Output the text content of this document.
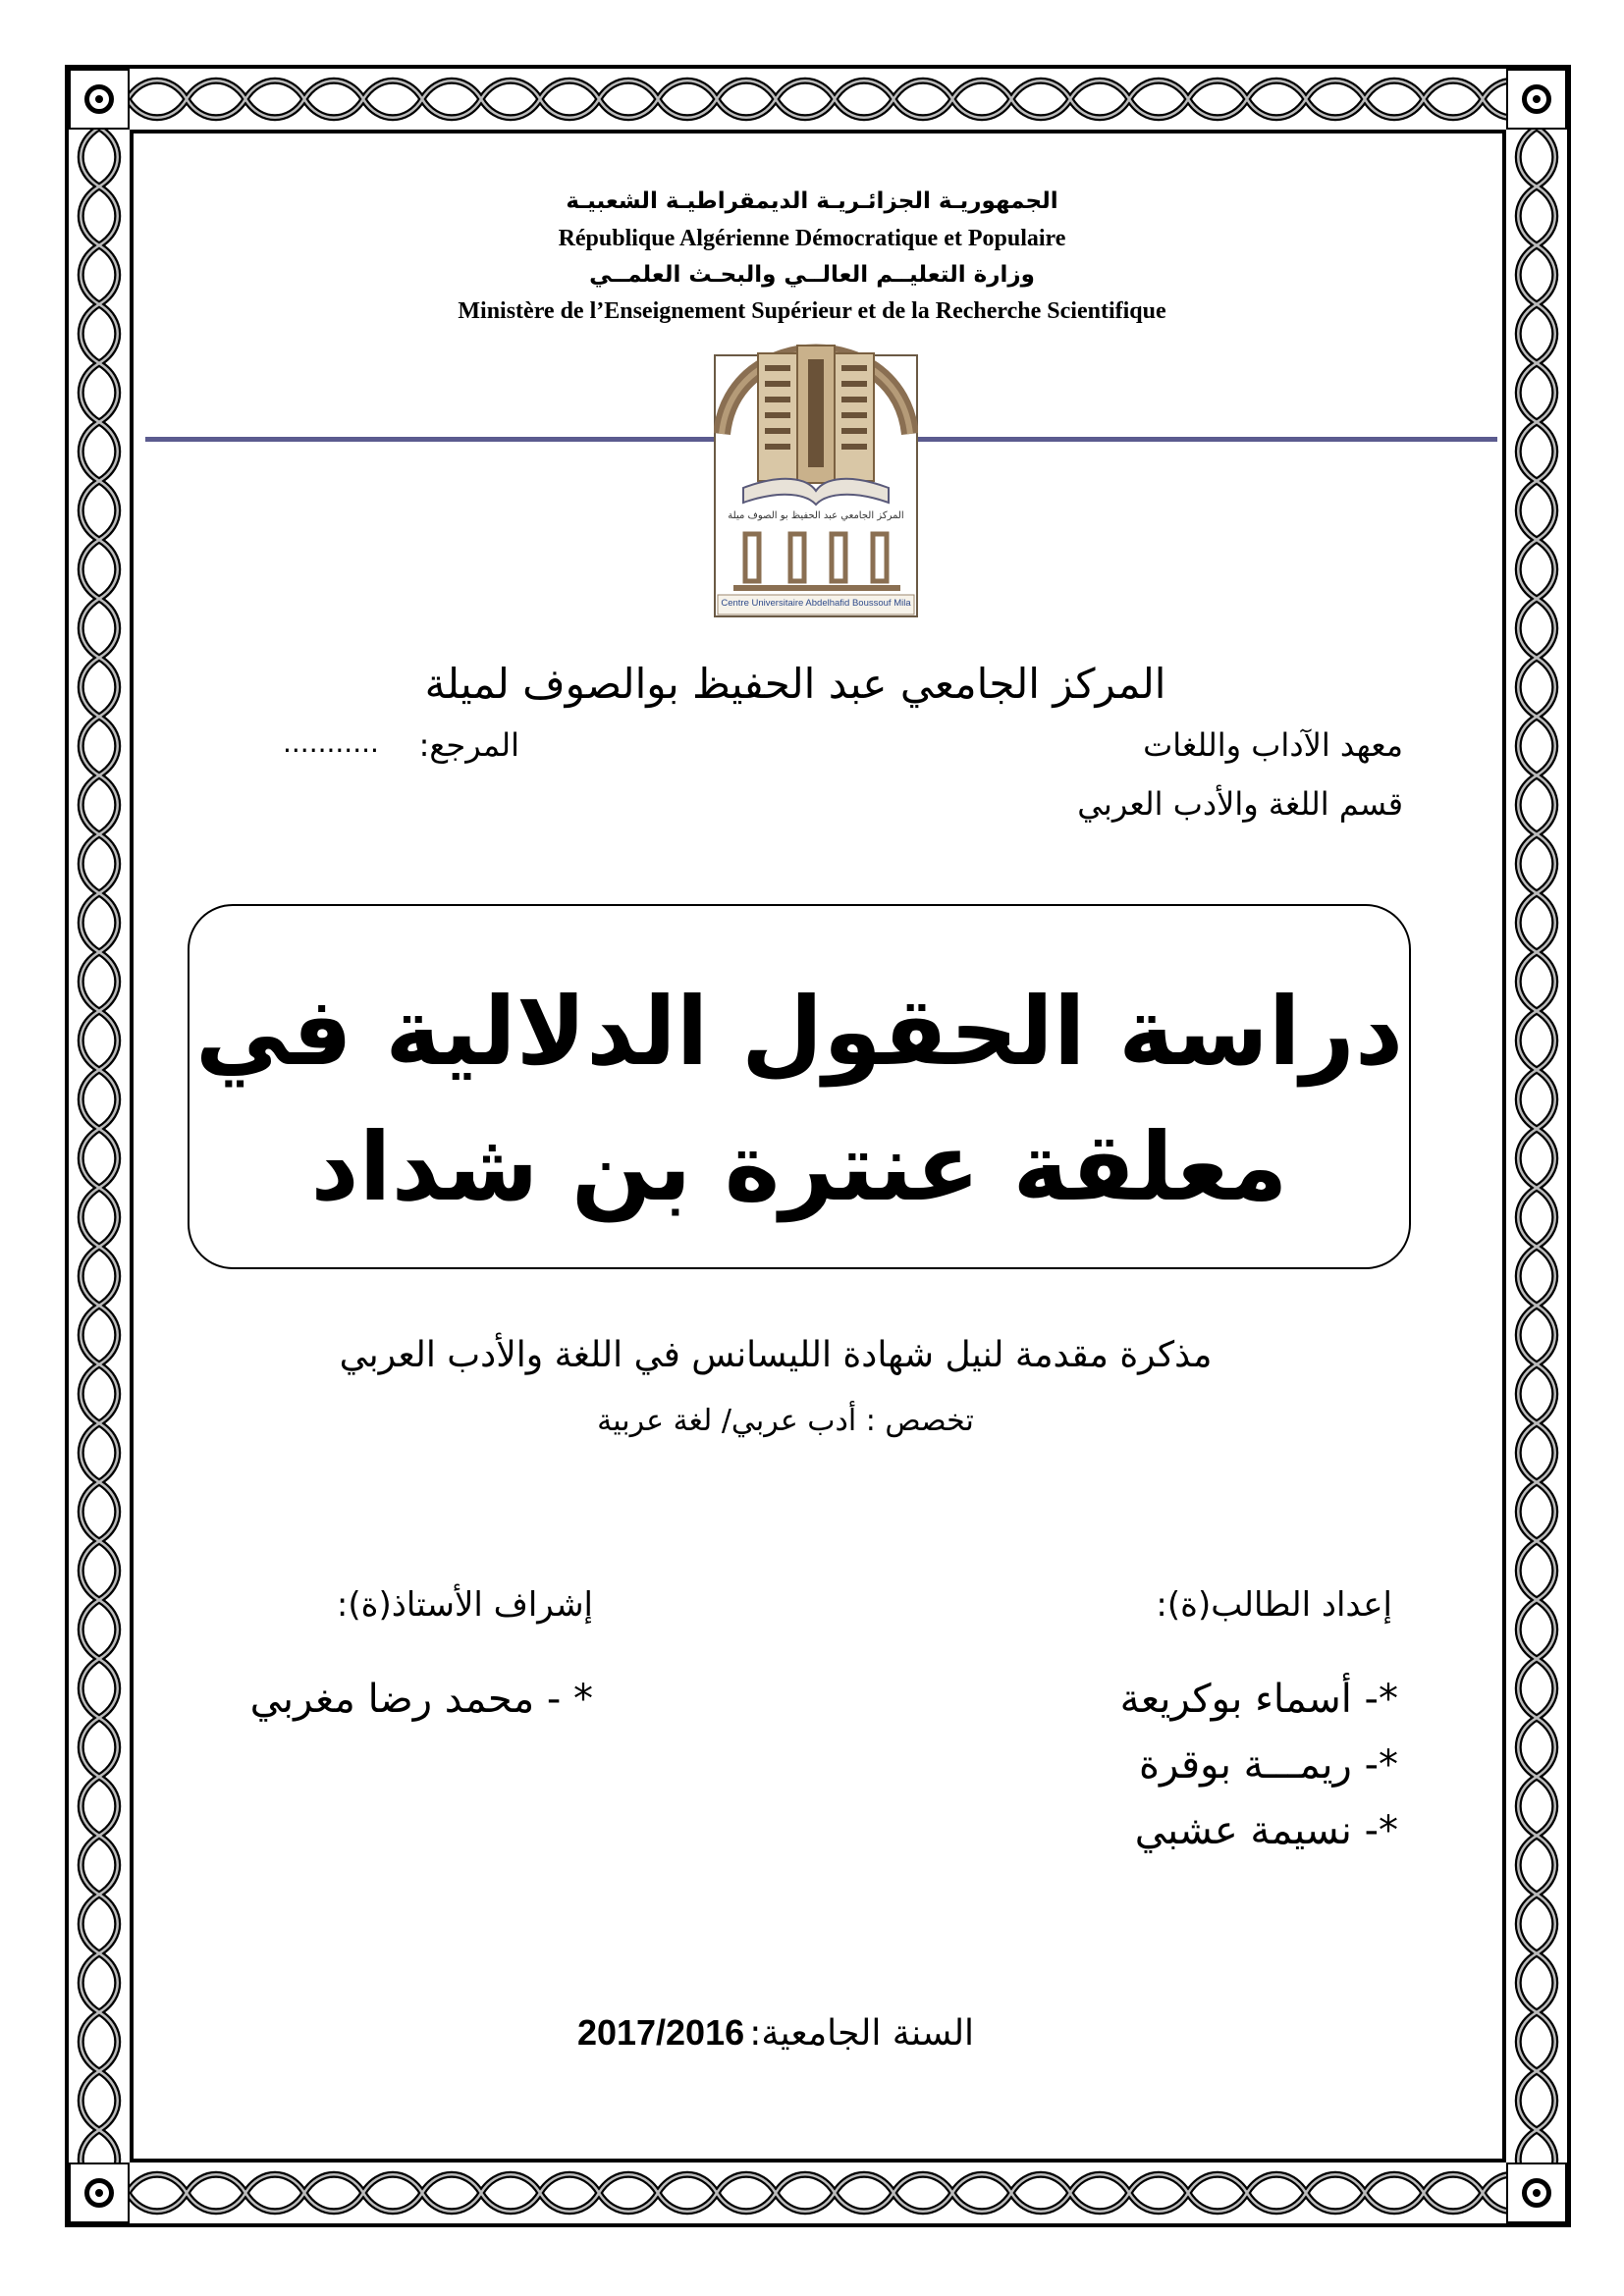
الجمهوريـة الجزائـريـة الديمقراطيـة الشعبيـة
République Algérienne Démocratique et Populaire
وزارة التعليــم العالــي والبحـث العلمــي
Ministère de l’Enseignement Supérieur et de la Recherche Scientifique
المركز الجامعي عبد الحفيظ بو الصوف ميلة
Centre Universitaire Abdelhafid Boussouf Mila
المركز الجامعي عبد الحفيظ بوالصوف لميلة
معهد الآداب واللغات
المرجع:
...........
قسم اللغة والأدب العربي
دراسة الحقول الدلالية في
معلقة عنترة بن شداد
مذكرة مقدمة لنيل شهادة الليسانس في اللغة والأدب العربي
تخصص : أدب عربي/ لغة عربية
إعداد الطالب(ة):
إشراف الأستاذ(ة):
*- أسماء بوكريعة
*- ريمـــة بوقرة
*- نسيمة عشبي
* - محمد رضا مغربي
السنة الجامعية: 2017/2016
